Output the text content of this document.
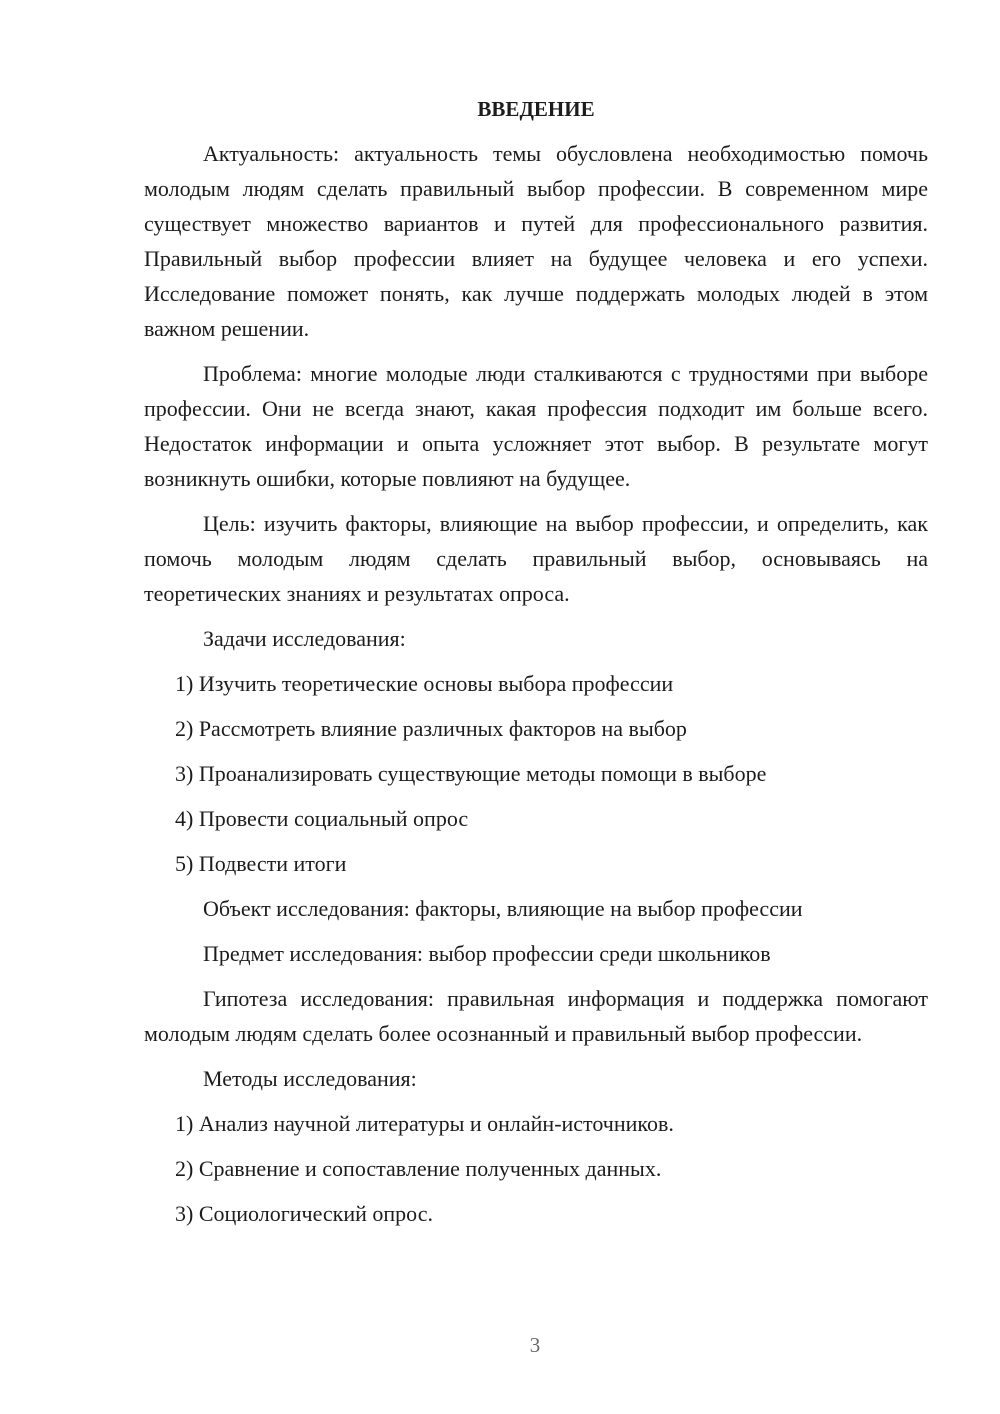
ВВЕДЕНИЕ

Актуальность: актуальность темы обусловлена необходимостью помочь молодым людям сделать правильный выбор профессии. В современном мире существует множество вариантов и путей для профессионального развития. Правильный выбор профессии влияет на будущее человека и его успехи. Исследование поможет понять, как лучше поддержать молодых людей в этом важном решении.

Проблема: многие молодые люди сталкиваются с трудностями при выборе профессии. Они не всегда знают, какая профессия подходит им больше всего. Недостаток информации и опыта усложняет этот выбор. В результате могут возникнуть ошибки, которые повлияют на будущее.

Цель: изучить факторы, влияющие на выбор профессии, и определить, как помочь молодым людям сделать правильный выбор, основываясь на теоретических знаниях и результатах опроса.

Задачи исследования:

1) Изучить теоретические основы выбора профессии

2) Рассмотреть влияние различных факторов на выбор

3) Проанализировать существующие методы помощи в выборе

4) Провести социальный опрос

5) Подвести итоги

Объект исследования: факторы, влияющие на выбор профессии

Предмет исследования: выбор профессии среди школьников

Гипотеза исследования: правильная информация и поддержка помогают молодым людям сделать более осознанный и правильный выбор профессии.

Методы исследования:

1) Анализ научной литературы и онлайн-источников.

2) Сравнение и сопоставление полученных данных.

3) Социологический опрос.

3
